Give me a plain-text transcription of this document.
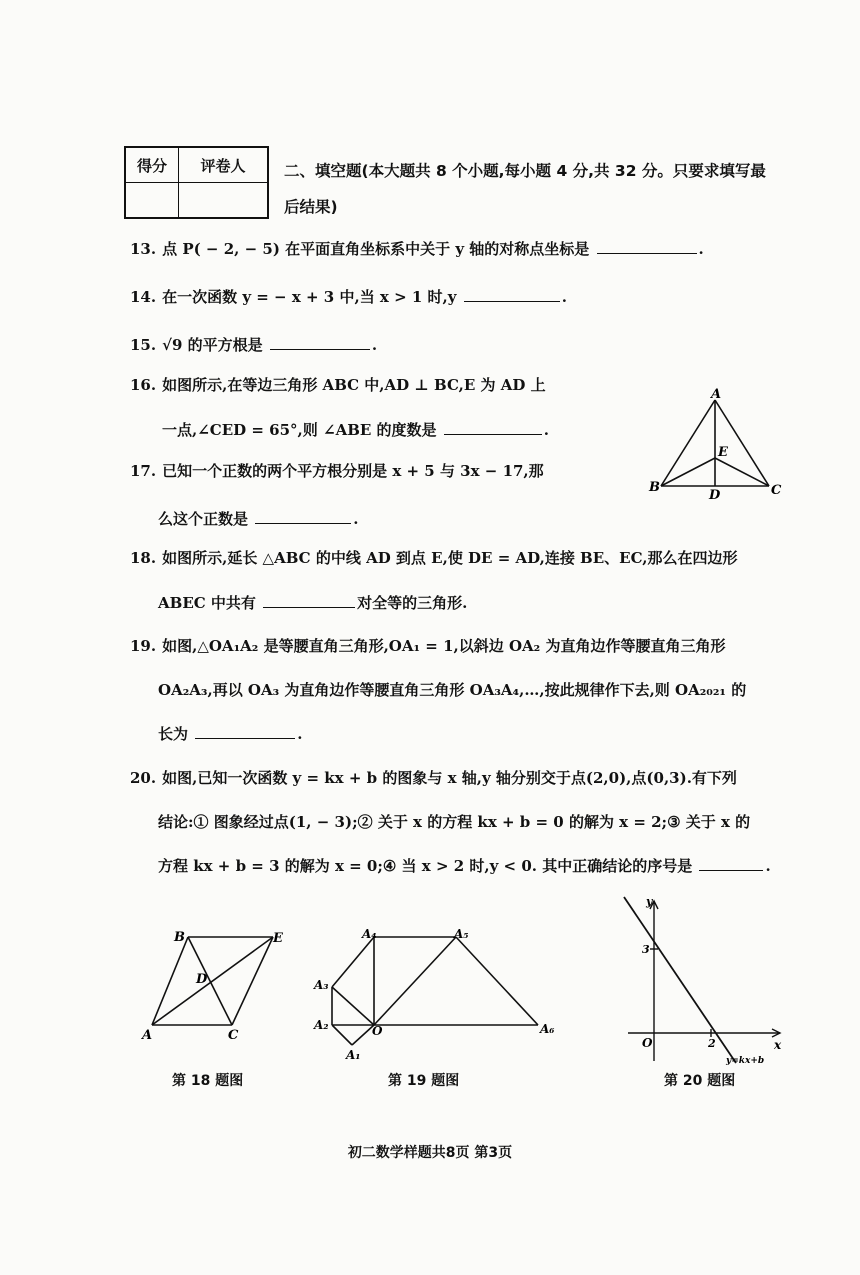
得分	评卷人
	二、填空题(本大题共 8 个小题,每小题 4 分,共 32 分。只要求填写最
后结果)
13. 点 P( − 2, − 5) 在平面直角坐标系中关于 y 轴的对称点坐标是	.
14. 在一次函数 y = − x + 3 中,当 x > 1 时,y	.
15. √9 的平方根是	.
16. 如图所示,在等边三角形 ABC 中,AD ⊥ BC,E 为 AD 上
一点,∠CED = 65°,则 ∠ABE 的度数是	.
17. 已知一个正数的两个平方根分别是 x + 5 与 3x − 17,那
么这个正数是	.
18. 如图所示,延长 △ABC 的中线 AD 到点 E,使 DE = AD,连接 BE、EC,那么在四边形
ABEC 中共有	对全等的三角形.
19. 如图,△OA₁A₂ 是等腰直角三角形,OA₁ = 1,以斜边 OA₂ 为直角边作等腰直角三角形
OA₂A₃,再以 OA₃ 为直角边作等腰直角三角形 OA₃A₄,…,按此规律作下去,则 OA₂₀₂₁ 的
长为	.
20. 如图,已知一次函数 y = kx + b 的图象与 x 轴,y 轴分别交于点(2,0),点(0,3).有下列
结论:① 图象经过点(1, − 3);② 关于 x 的方程 kx + b = 0 的解为 x = 2;③ 关于 x 的
方程 kx + b = 3 的解为 x = 0;④ 当 x > 2 时,y < 0. 其中正确结论的序号是	.
A
B	C
D
E
B	E
D
A	C
第 18 题图
A₄	A₅
A₃
A₂	O
A₁
A₆
第 19 题图
y
x
O
3
2
y=kx+b
第 20 题图
初二数学样题共8页 第3页
